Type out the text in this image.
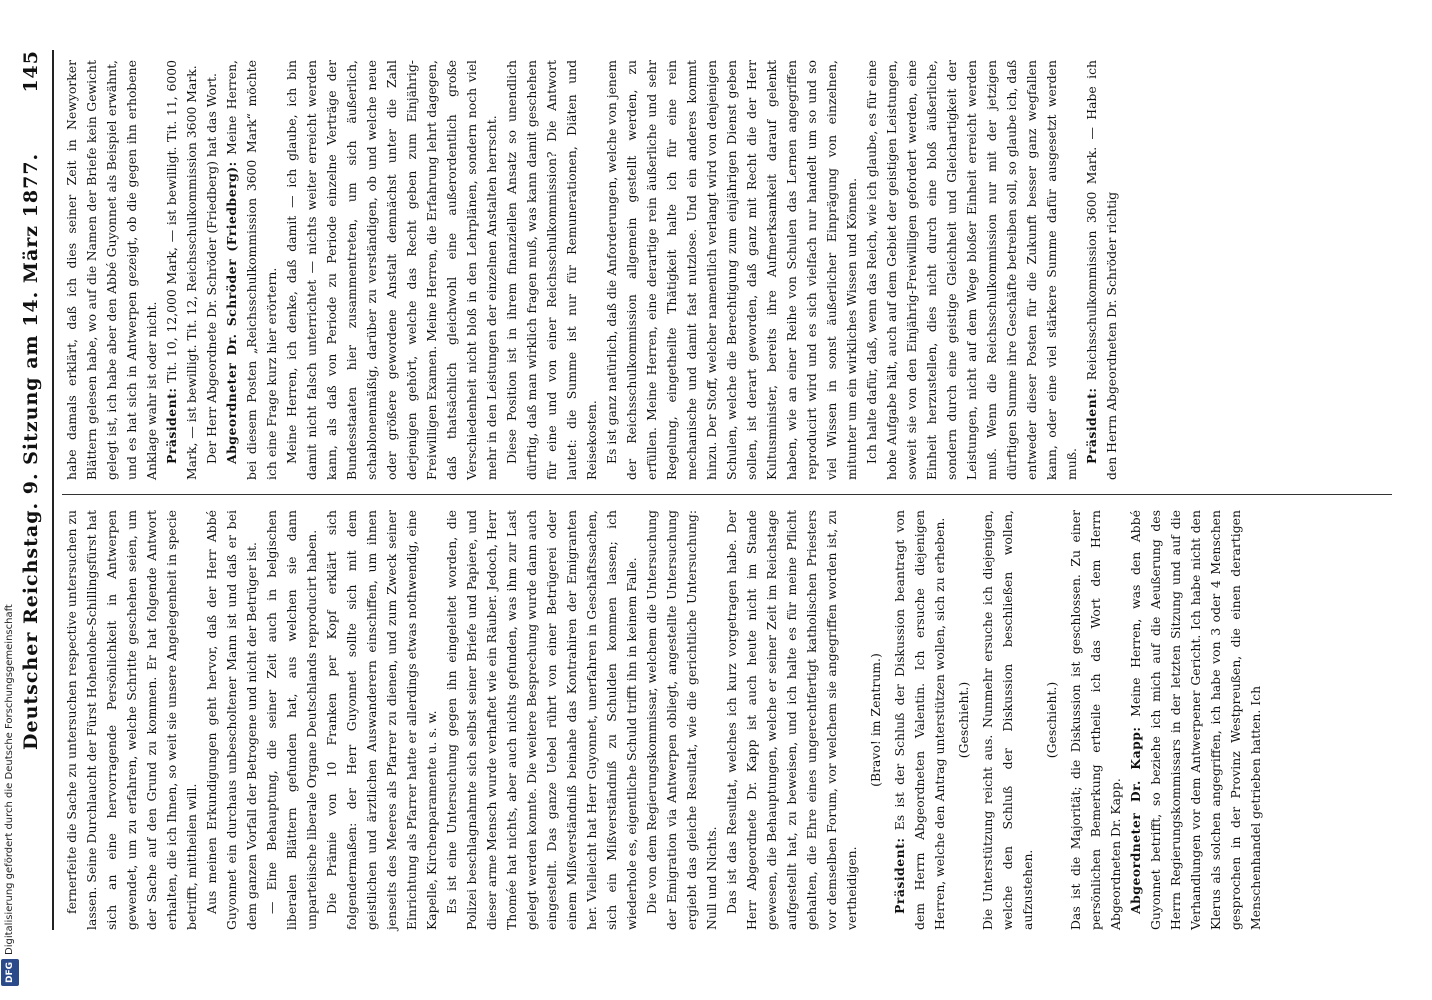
Deutscher Reichstag. 9. Sitzung am 14. März 1877.
145

fernerfeite die Sache zu untersuchen respective untersuchen zu lassen. Seine Durchlaucht der Fürst Hohenlohe-Schillingsfürst hat sich an eine hervorragende Persönlichkeit in Antwerpen gewendet, um zu erfahren, welche Schritte geschehen seien, um der Sache auf den Grund zu kommen. Er hat folgende Antwort erhalten, die ich Ihnen, so weit sie unsere Angelegenheit in specie betrifft, mittheilen will. Aus meinen Erkundigungen geht hervor, daß der Herr Abbé Guyonnet ein durchaus unbescholtener Mann ist und daß er bei dem ganzen Vorfall der Betrogene und nicht der Betrüger ist. — Eine Behauptung, die seiner Zeit auch in belgischen liberalen Blättern gefunden hat, aus welchen sie dann unparteiische liberale Organe Deutschlands reproducirt haben. Die Prämie von 10 Franken per Kopf erklärt sich folgendermaßen: der Herr Guyonnet sollte sich mit dem geistlichen und ärztlichen Auswanderern einschiffen, um ihnen jenseits des Meeres als Pfarrer zu dienen, und zum Zweck seiner Einrichtung als Pfarrer hatte er allerdings etwas nothwendig, eine Kapelle, Kirchenparamente u. s. w. Es ist eine Untersuchung gegen ihn eingeleitet worden, die Polizei beschlagnahmte sich selbst seiner Briefe und Papiere, und dieser arme Mensch wurde verhaftet wie ein Räuber. Jedoch, Herr Thomée hat nichts, aber auch nichts gefunden, was ihm zur Last gelegt werden konnte. Die weitere Besprechung wurde dann auch eingestellt. Das ganze Uebel rührt von einer Betrügerei oder einem Mißverständniß beinahe das Kontrahiren der Emigranten her. Vielleicht hat Herr Guyonnet, unerfahren in Geschäftssachen, sich ein Mißverständniß zu Schulden kommen lassen; ich wiederhole es, eigentliche Schuld trifft ihn in keinem Falle. Die von dem Regierungskommissar, welchem die Untersuchung der Emigration via Antwerpen obliegt, angestellte Untersuchung ergiebt das gleiche Resultat, wie die gerichtliche Untersuchung: Null und Nichts. Das ist das Resultat, welches ich kurz vorgetragen habe. Der Herr Abgeordnete Dr. Kapp ist auch heute nicht im Stande gewesen, die Behauptungen, welche er seiner Zeit im Reichstage aufgestellt hat, zu beweisen, und ich halte es für meine Pflicht gehalten, die Ehre eines ungerechtfertigt katholischen Priesters vor demselben Forum, vor welchem sie angegriffen worden ist, zu vertheidigen.

(Bravo! im Zentrum.)

Präsident: Es ist der Schluß der Diskussion beantragt von dem Herrn Abgeordneten Valentin. Ich ersuche diejenigen Herren, welche den Antrag unterstützen wollen, sich zu erheben. (Geschieht.) Die Unterstützung reicht aus. Nunmehr ersuche ich diejenigen, welche den Schluß der Diskussion beschließen wollen, aufzustehen.

(Geschieht.) Das ist die Majorität; die Diskussion ist geschlossen. Zu einer persönlichen Bemerkung ertheile ich das Wort dem Herrn Abgeordneten Dr. Kapp. Abgeordneter Dr. Kapp: Meine Herren, was den Abbé Guyonnet betrifft, so beziehe ich mich auf die Aeußerung des Herrn Regierungskommissars in der letzten Sitzung und auf die Verhandlungen vor dem Antwerpener Gericht. Ich habe nicht den Klerus als solchen angegriffen, ich habe von 3 oder 4 Menschen gesprochen in der Provinz Westpreußen, die einen derartigen Menschenhandel getrieben hatten. Ich

habe damals erklärt, daß ich dies seiner Zeit in Newyorker Blättern gelesen habe, wo auf die Namen der Briefe kein Gewicht gelegt ist, ich habe aber den Abbé Guyonnet als Beispiel erwähnt, und es hat sich in Antwerpen gezeigt, ob die gegen ihn erhobene Anklage wahr ist oder nicht. Präsident: Tit. 10, 12,000 Mark, — ist bewilligt. Tit. 11, 6000 Mark, — ist bewilligt. Tit. 12, Reichsschulkommission 3600 Mark. Der Herr Abgeordnete Dr. Schröder (Friedberg) hat das Wort. Abgeordneter Dr. Schröder (Friedberg): Meine Herren, bei diesem Posten „Reichsschulkommission 3600 Mark“ möchte ich eine Frage kurz hier erörtern. Meine Herren, ich denke, daß damit — ich glaube, ich bin damit nicht falsch unterrichtet — nichts weiter erreicht werden kann, als daß von Periode zu Periode einzelne Verträge der Bundesstaaten hier zusammentreten, um sich äußerlich, schablonenmäßig, darüber zu verständigen, ob und welche neue oder größere gewordene Anstalt demnächst unter die Zahl derjenigen gehört, welche das Recht geben zum Einjährig-Freiwilligen Examen. Meine Herren, die Erfahrung lehrt dagegen, daß thatsächlich gleichwohl eine außerordentlich große Verschiedenheit nicht bloß in den Lehrplänen, sondern noch viel mehr in den Leistungen der einzelnen Anstalten herrscht. Diese Position ist in ihrem finanziellen Ansatz so unendlich dürftig, daß man wirklich fragen muß, was kann damit geschehen für eine und von einer Reichsschulkommission? Die Antwort lautet: die Summe ist nur für Remunerationen, Diäten und Reisekosten. Es ist ganz natürlich, daß die Anforderungen, welche von jenem der Reichsschulkommission allgemein gestellt werden, zu erfüllen. Meine Herren, eine derartige rein äußerliche und sehr Regelung, eingetheilte Thätigkeit halte ich für eine rein mechanische und damit fast nutzlose. Und ein anderes kommt hinzu. Der Stoff, welcher namentlich verlangt wird von denjenigen Schulen, welche die Berechtigung zum einjährigen Dienst geben sollen, ist derart geworden, daß ganz mit Recht die der Herr Kultusminister, bereits ihre Aufmerksamkeit darauf gelenkt haben, wie an einer Reihe von Schulen das Lernen angegriffen reproducirt wird und es sich vielfach nur handelt um so und so viel Wissen in sonst äußerlicher Einprägung von einzelnen, mitunter um ein wirkliches Wissen und Können. Ich halte dafür, daß, wenn das Reich, wie ich glaube, es für eine hohe Aufgabe hält, auch auf dem Gebiet der geistigen Leistungen, soweit sie von den Einjährig-Freiwilligen gefordert werden, eine Einheit herzustellen, dies nicht durch eine bloß äußerliche, sondern durch eine geistige Gleichheit und Gleichartigkeit der Leistungen, nicht auf dem Wege bloßer Einheit erreicht werden muß. Wenn die Reichsschulkommission nur mit der jetzigen dürftigen Summe ihre Geschäfte betreiben soll, so glaube ich, daß entweder dieser Posten für die Zukunft besser ganz wegfallen kann, oder eine viel stärkere Summe dafür ausgesetzt werden muß.

Präsident: Reichsschulkommission 3600 Mark. — Habe ich den Herrn Abgeordneten Dr. Schröder richtig

DFGDigitalisierung gefördert durch die Deutsche Forschungsgemeinschaft
